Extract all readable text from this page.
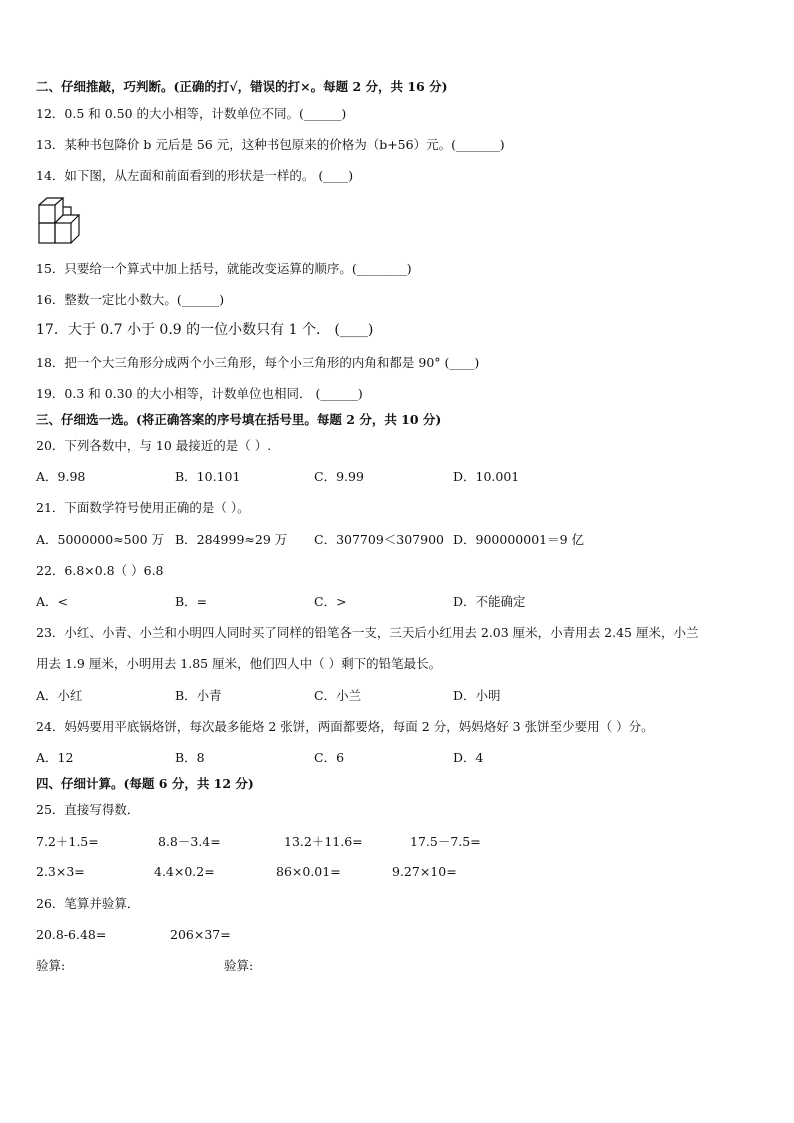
二、仔细推敲，巧判断。(正确的打√，错误的打×。每题 2 分，共 16 分)
12．0.5 和 0.50 的大小相等，计数单位不同。(______)
13．某种书包降价 b 元后是 56 元，这种书包原来的价格为（b+56）元。(_______)
14．如下图，从左面和前面看到的形状是一样的。 (____)
15．只要给一个算式中加上括号，就能改变运算的顺序。(________)
16．整数一定比小数大。(______)
17．大于 0.7 小于 0.9 的一位小数只有 1 个． (____)
18．把一个大三角形分成两个小三角形，每个小三角形的内角和都是 90° (____)
19．0.3 和 0.30 的大小相等，计数单位也相同． (______)
三、仔细选一选。(将正确答案的序号填在括号里。每题 2 分，共 10 分)
20．下列各数中，与 10 最接近的是（ ）.
A．9.98	B．10.101	C．9.99	D．10.001
21．下面数学符号使用正确的是（ ）。
A．5000000≈500 万 B．284999≈29 万 C．307709＜307900 D．900000001＝9 亿
22．6.8×0.8（ ）6.8
A．<	B．=	C．>	D．不能确定
23．小红、小青、小兰和小明四人同时买了同样的铅笔各一支，三天后小红用去 2.03 厘米，小青用去 2.45 厘米，小兰
用去 1.9 厘米，小明用去 1.85 厘米，他们四人中（ ）剩下的铅笔最长。
A．小红	B．小青	C．小兰	D．小明
24．妈妈要用平底锅烙饼，每次最多能烙 2 张饼，两面都要烙，每面 2 分，妈妈烙好 3 张饼至少要用（ ）分。
A．12	B．8	C．6	D．4
四、仔细计算。(每题 6 分，共 12 分)
25．直接写得数．
7.2＋1.5=	8.8－3.4=	13.2＋11.6=	17.5－7.5=
2.3×3=	4.4×0.2=	86×0.01=	9.27×10=
26．笔算并验算．
20.8-6.48=	206×37=
验算:	验算:
